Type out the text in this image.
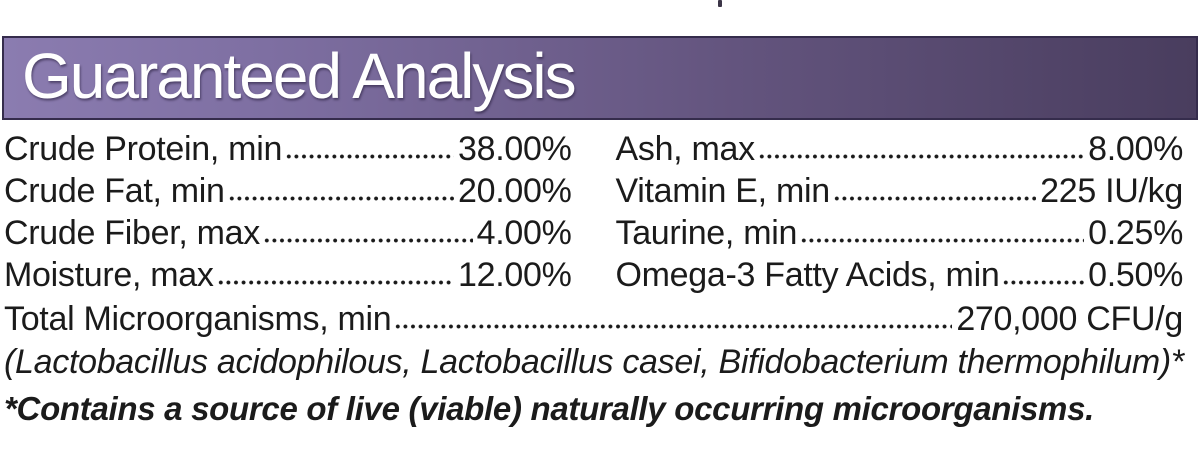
Guaranteed Analysis
Crude Protein, min	38.00%
Crude Fat, min	20.00%
Crude Fiber, max	4.00%
Moisture, max	12.00%
Ash, max	8.00%
Vitamin E, min	225 IU/kg
Taurine, min	0.25%
Omega-3 Fatty Acids, min	0.50%
Total Microorganisms, min	270,000 CFU/g
(Lactobacillus acidophilous, Lactobacillus casei, Bifidobacterium thermophilum)*
*Contains a source of live (viable) naturally occurring microorganisms.
